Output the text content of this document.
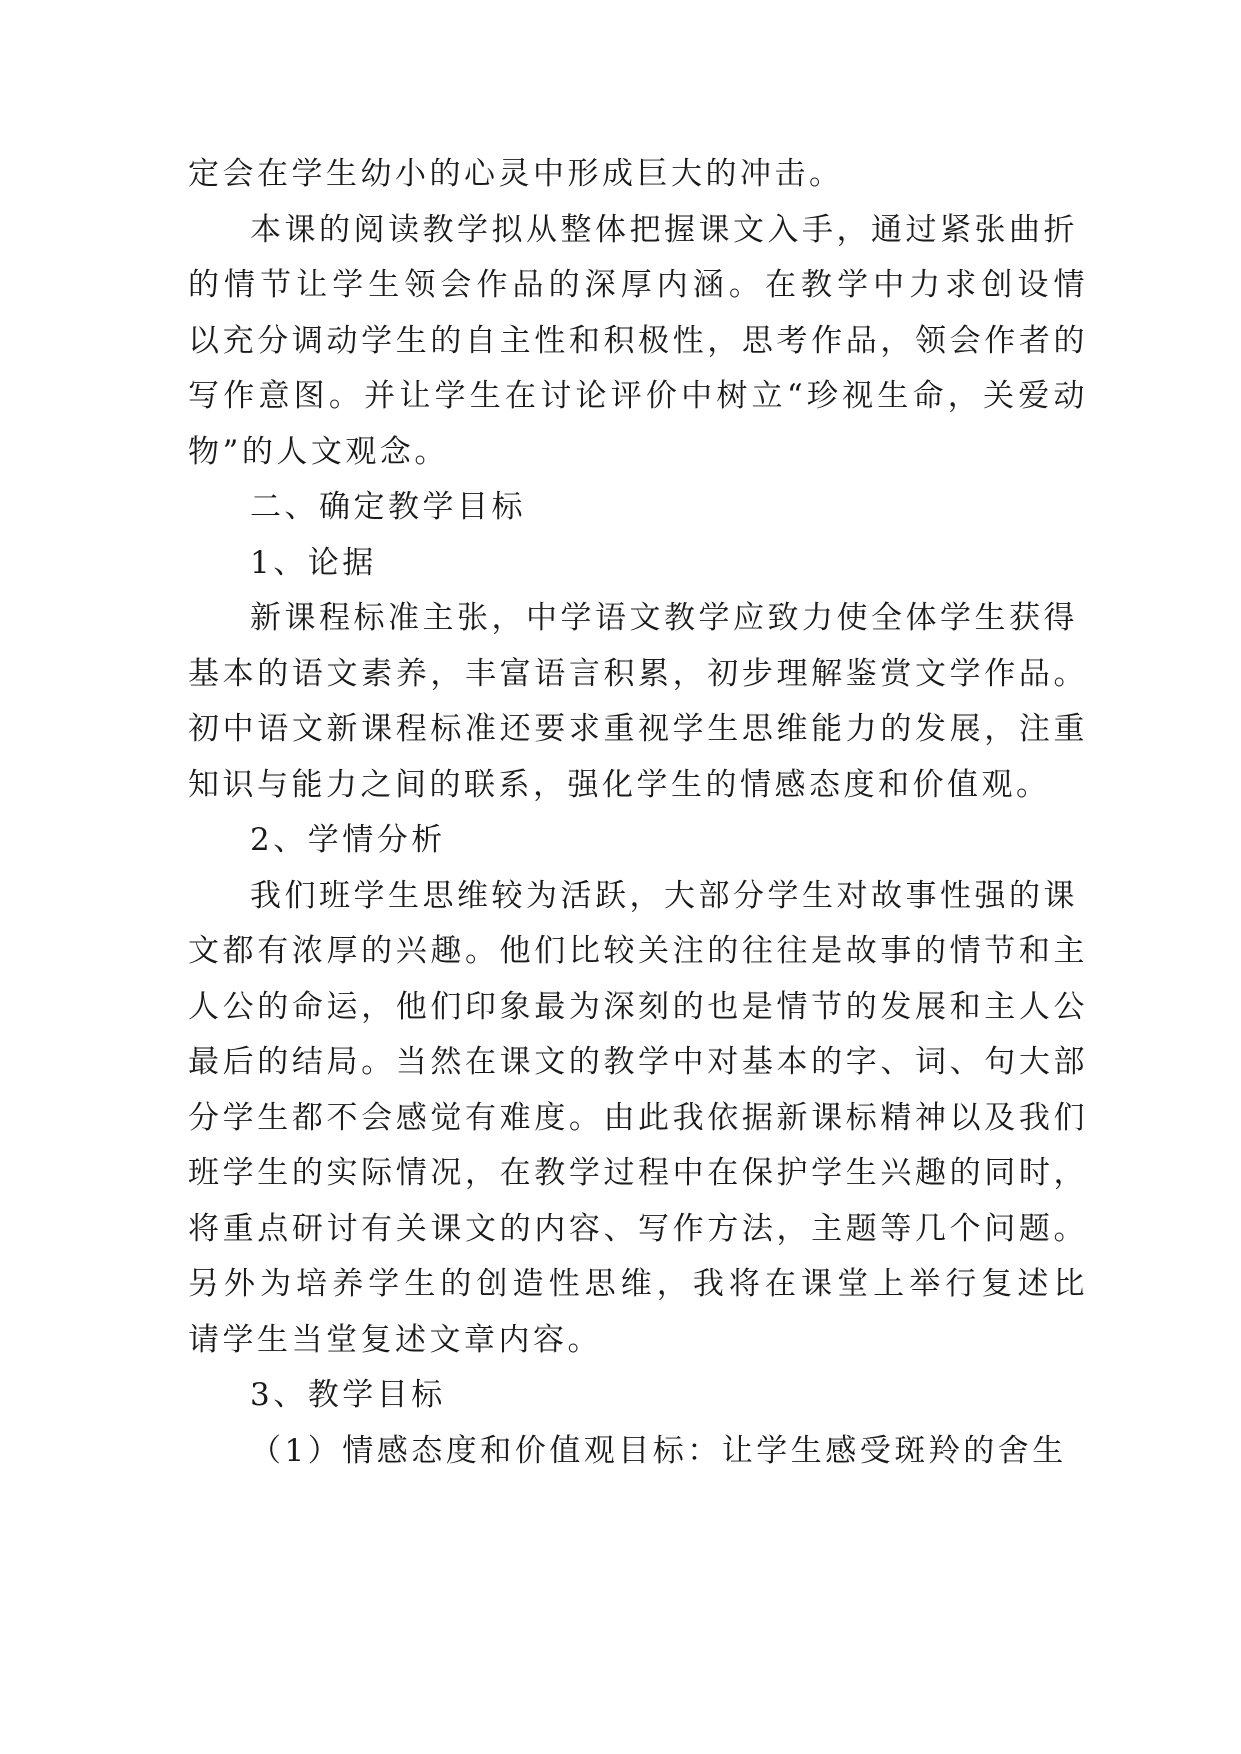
定会在学生幼小的心灵中形成巨大的冲击。
本课的阅读教学拟从整体把握课文入手，通过紧张曲折
的情节让学生领会作品的深厚内涵。在教学中力求创设情
以充分调动学生的自主性和积极性，思考作品，领会作者的
写作意图。并让学生在讨论评价中树立“珍视生命，关爱动
物”的人文观念。
二、确定教学目标
1、论据
新课程标准主张，中学语文教学应致力使全体学生获得
基本的语文素养，丰富语言积累，初步理解鉴赏文学作品。
初中语文新课程标准还要求重视学生思维能力的发展，注重
知识与能力之间的联系，强化学生的情感态度和价值观。
2、学情分析
我们班学生思维较为活跃，大部分学生对故事性强的课
文都有浓厚的兴趣。他们比较关注的往往是故事的情节和主
人公的命运，他们印象最为深刻的也是情节的发展和主人公
最后的结局。当然在课文的教学中对基本的字、词、句大部
分学生都不会感觉有难度。由此我依据新课标精神以及我们
班学生的实际情况，在教学过程中在保护学生兴趣的同时，
将重点研讨有关课文的内容、写作方法，主题等几个问题。
另外为培养学生的创造性思维，我将在课堂上举行复述比
请学生当堂复述文章内容。
3、教学目标
（1）情感态度和价值观目标：让学生感受斑羚的舍生
